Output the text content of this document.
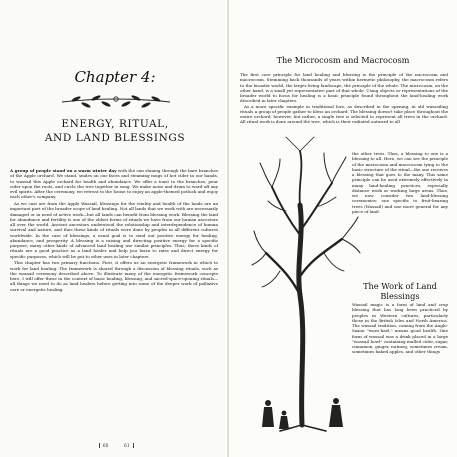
Chapter 4:
ENERGY, RITUAL,
AND LAND BLESSINGS

A group of people stand on a warm winter day with the sun shining through the bare branches of the Apple orchard. We stand, smiles on our faces and steaming mugs of hot cider in our hands, to wassail this Apple orchard for health and abundance. We offer a toast to the branches, pour cider upon the roots, and circle the tree together in song. We make noise and drum to ward off any evil spirits. After the ceremony, we retreat to the house to enjoy an apple-themed potluck and enjoy each other's company.

As we cast are from the Apple Wassail, blessings for the vitality and health of the lands are an important part of the broader scope of land healing. Not all lands that we work with are necessarily damaged or in need of active work—but all lands can benefit from blessing work. Blessing the land for abundance and fertility is one of the oldest forms of rituals we have from our human ancestors all over the world. Ancient ancestors understood the relationship and interdependence of human survival and nature, and thus these kinds of rituals were done by peoples in all different cultures worldwide. In the case of blessings, a usual goal is to send out positive energy for healing, abundance, and prosperity. A blessing is a raising and directing positive energy for a specific purpose; many other kinds of advanced land healing use similar principles. Thus, these kinds of rituals are a good practice as a land healer and help you learn to raise and direct energy for specific purposes, which will be put to other uses in later chapters.

This chapter has two primary functions. First, it offers us an energetic framework in which to work for land healing. The framework is shared through a discussion of blessing rituals, such as the wassail ceremony described above. To illustrate many of the energetic framework concepts here, I will offer these in the context of basic healing, blessing, and sacred-space-opening rituals—all things we need to do as land healers before getting into some of the deeper work of palliative care or energetic healing.

60
The Microcosm and Macrocosm

The first core principle for land healing and blessing is the principle of the microcosm and macrocosm. Stemming back thousands of years within hermetic philosophy, the macrocosm refers to the broader world, the larger living landscape, the principle of the whole. The microcosm, on the other hand, is a small yet representative part of that whole. Using objects or representations of the broader world to focus for healing is a basic principle found throughout the land-healing work described in later chapters.

As a more specific example in traditional lore, as described in the opening, in old wassailing rituals a group of people gather to bless an orchard. The blessing doesn't take place throughout the entire orchard, however, but rather, a single tree is selected to represent all trees in the orchard. All ritual work is done around the tree, which is their radiated outward to all

the other trees. Thus, a blessing to one is a blessing to all. Here, we can see the principle of the microcosm and macrocosm tying to the basic structure of the ritual—the one receives a blessing that goes to the many. This same principle can be used extremely effectively in many land-healing practices, especially distance work or working large areas. Thus, we now consider two land-blessing ceremonies: one specific to fruit-bearing trees (Wassail) and one more general for any piece of land.

The Work of Land
Blessings

Wassail magic is a form of land and crop blessing that has long been practiced by peoples in Western cultures, particularly those in the British Isles and North America. The wassail tradition, coming from the Anglo-Saxon "waes-hael," means good health. One form of wassail was a drink placed in a large "wassail bowl" containing mulled cider, sugar, cinnamon, ginger, nutmeg, sometimes cream, sometimes baked apples, and other things

61
